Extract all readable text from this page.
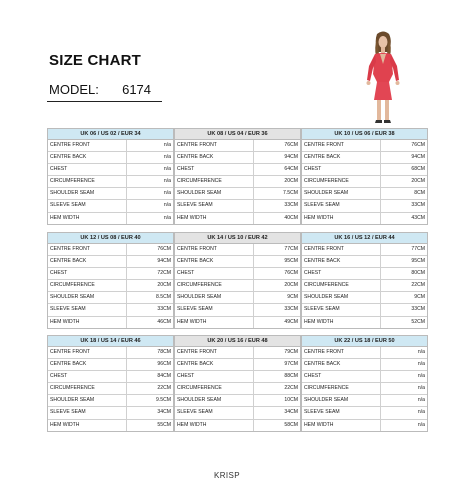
SIZE CHART
MODEL: 6174
UK 06 / US 02 / EUR 34
CENTRE FRONT	n/a
CENTRE BACK	n/a
CHEST	n/a
CIRCUMFERENCE	n/a
SHOULDER SEAM	n/a
SLEEVE SEAM	n/a
HEM WIDTH	n/a
UK 08 / US 04 / EUR 36
CENTRE FRONT	76CM
CENTRE BACK	94CM
CHEST	64CM
CIRCUMFERENCE	20CM
SHOULDER SEAM	7.5CM
SLEEVE SEAM	33CM
HEM WIDTH	40CM
UK 10 / US 06 / EUR 38
CENTRE FRONT	76CM
CENTRE BACK	94CM
CHEST	68CM
CIRCUMFERENCE	20CM
SHOULDER SEAM	8CM
SLEEVE SEAM	33CM
HEM WIDTH	43CM
UK 12 / US 08 / EUR 40
CENTRE FRONT	76CM
CENTRE BACK	94CM
CHEST	72CM
CIRCUMFERENCE	20CM
SHOULDER SEAM	8.5CM
SLEEVE SEAM	33CM
HEM WIDTH	46CM
UK 14 / US 10 / EUR 42
CENTRE FRONT	77CM
CENTRE BACK	95CM
CHEST	76CM
CIRCUMFERENCE	20CM
SHOULDER SEAM	9CM
SLEEVE SEAM	33CM
HEM WIDTH	49CM
UK 16 / US 12 / EUR 44
CENTRE FRONT	77CM
CENTRE BACK	95CM
CHEST	80CM
CIRCUMFERENCE	22CM
SHOULDER SEAM	9CM
SLEEVE SEAM	33CM
HEM WIDTH	52CM
UK 18 / US 14 / EUR 46
CENTRE FRONT	78CM
CENTRE BACK	96CM
CHEST	84CM
CIRCUMFERENCE	22CM
SHOULDER SEAM	9.5CM
SLEEVE SEAM	34CM
HEM WIDTH	55CM
UK 20 / US 16 / EUR 48
CENTRE FRONT	79CM
CENTRE BACK	97CM
CHEST	88CM
CIRCUMFERENCE	22CM
SHOULDER SEAM	10CM
SLEEVE SEAM	34CM
HEM WIDTH	58CM
UK 22 / US 18 / EUR 50
CENTRE FRONT	n/a
CENTRE BACK	n/a
CHEST	n/a
CIRCUMFERENCE	n/a
SHOULDER SEAM	n/a
SLEEVE SEAM	n/a
HEM WIDTH	n/a
KRISP
